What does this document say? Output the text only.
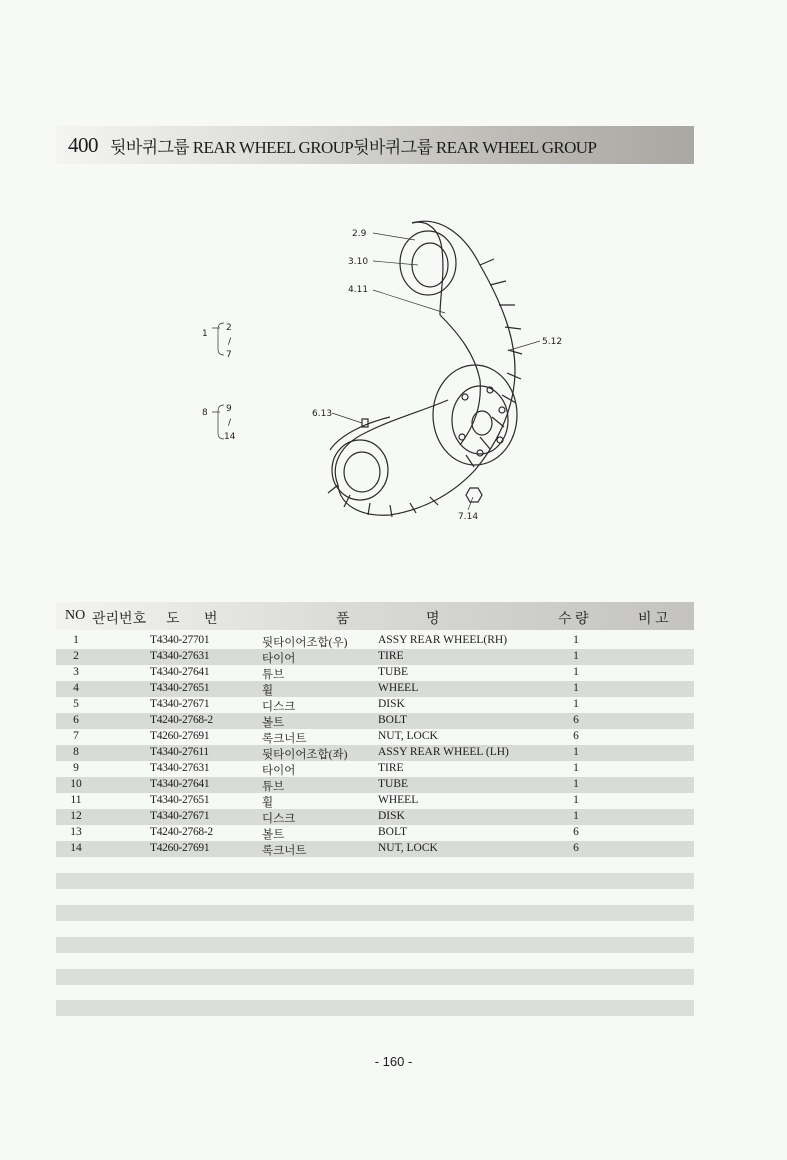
400 뒷바퀴그룹 REAR WHEEL GROUP뒷바퀴그룹 REAR WHEEL GROUP
2.9
3.10
4.11
5.12
6.13
7.14
1
2
/
7
8 9
/
14
NO 관리번호 도 번	품	명	수 량	비 고
1	T4340-27701	뒷타이어조합(우)	ASSY REAR WHEEL(RH)	1
2	T4340-27631	타이어	TIRE	1
3	T4340-27641	튜브	TUBE	1
4	T4340-27651	휠	WHEEL	1
5	T4340-27671	디스크	DISK	1
6	T4240-2768-2	볼트	BOLT	6
7	T4260-27691	록크너트	NUT, LOCK	6
8	T4340-27611	뒷타이어조합(좌)	ASSY REAR WHEEL (LH)	1
9	T4340-27631	타이어	TIRE	1
10	T4340-27641	튜브	TUBE	1
11	T4340-27651	휠	WHEEL	1
12	T4340-27671	디스크	DISK	1
13	T4240-2768-2	볼트	BOLT	6
14	T4260-27691	록크너트	NUT, LOCK	6
- 160 -
